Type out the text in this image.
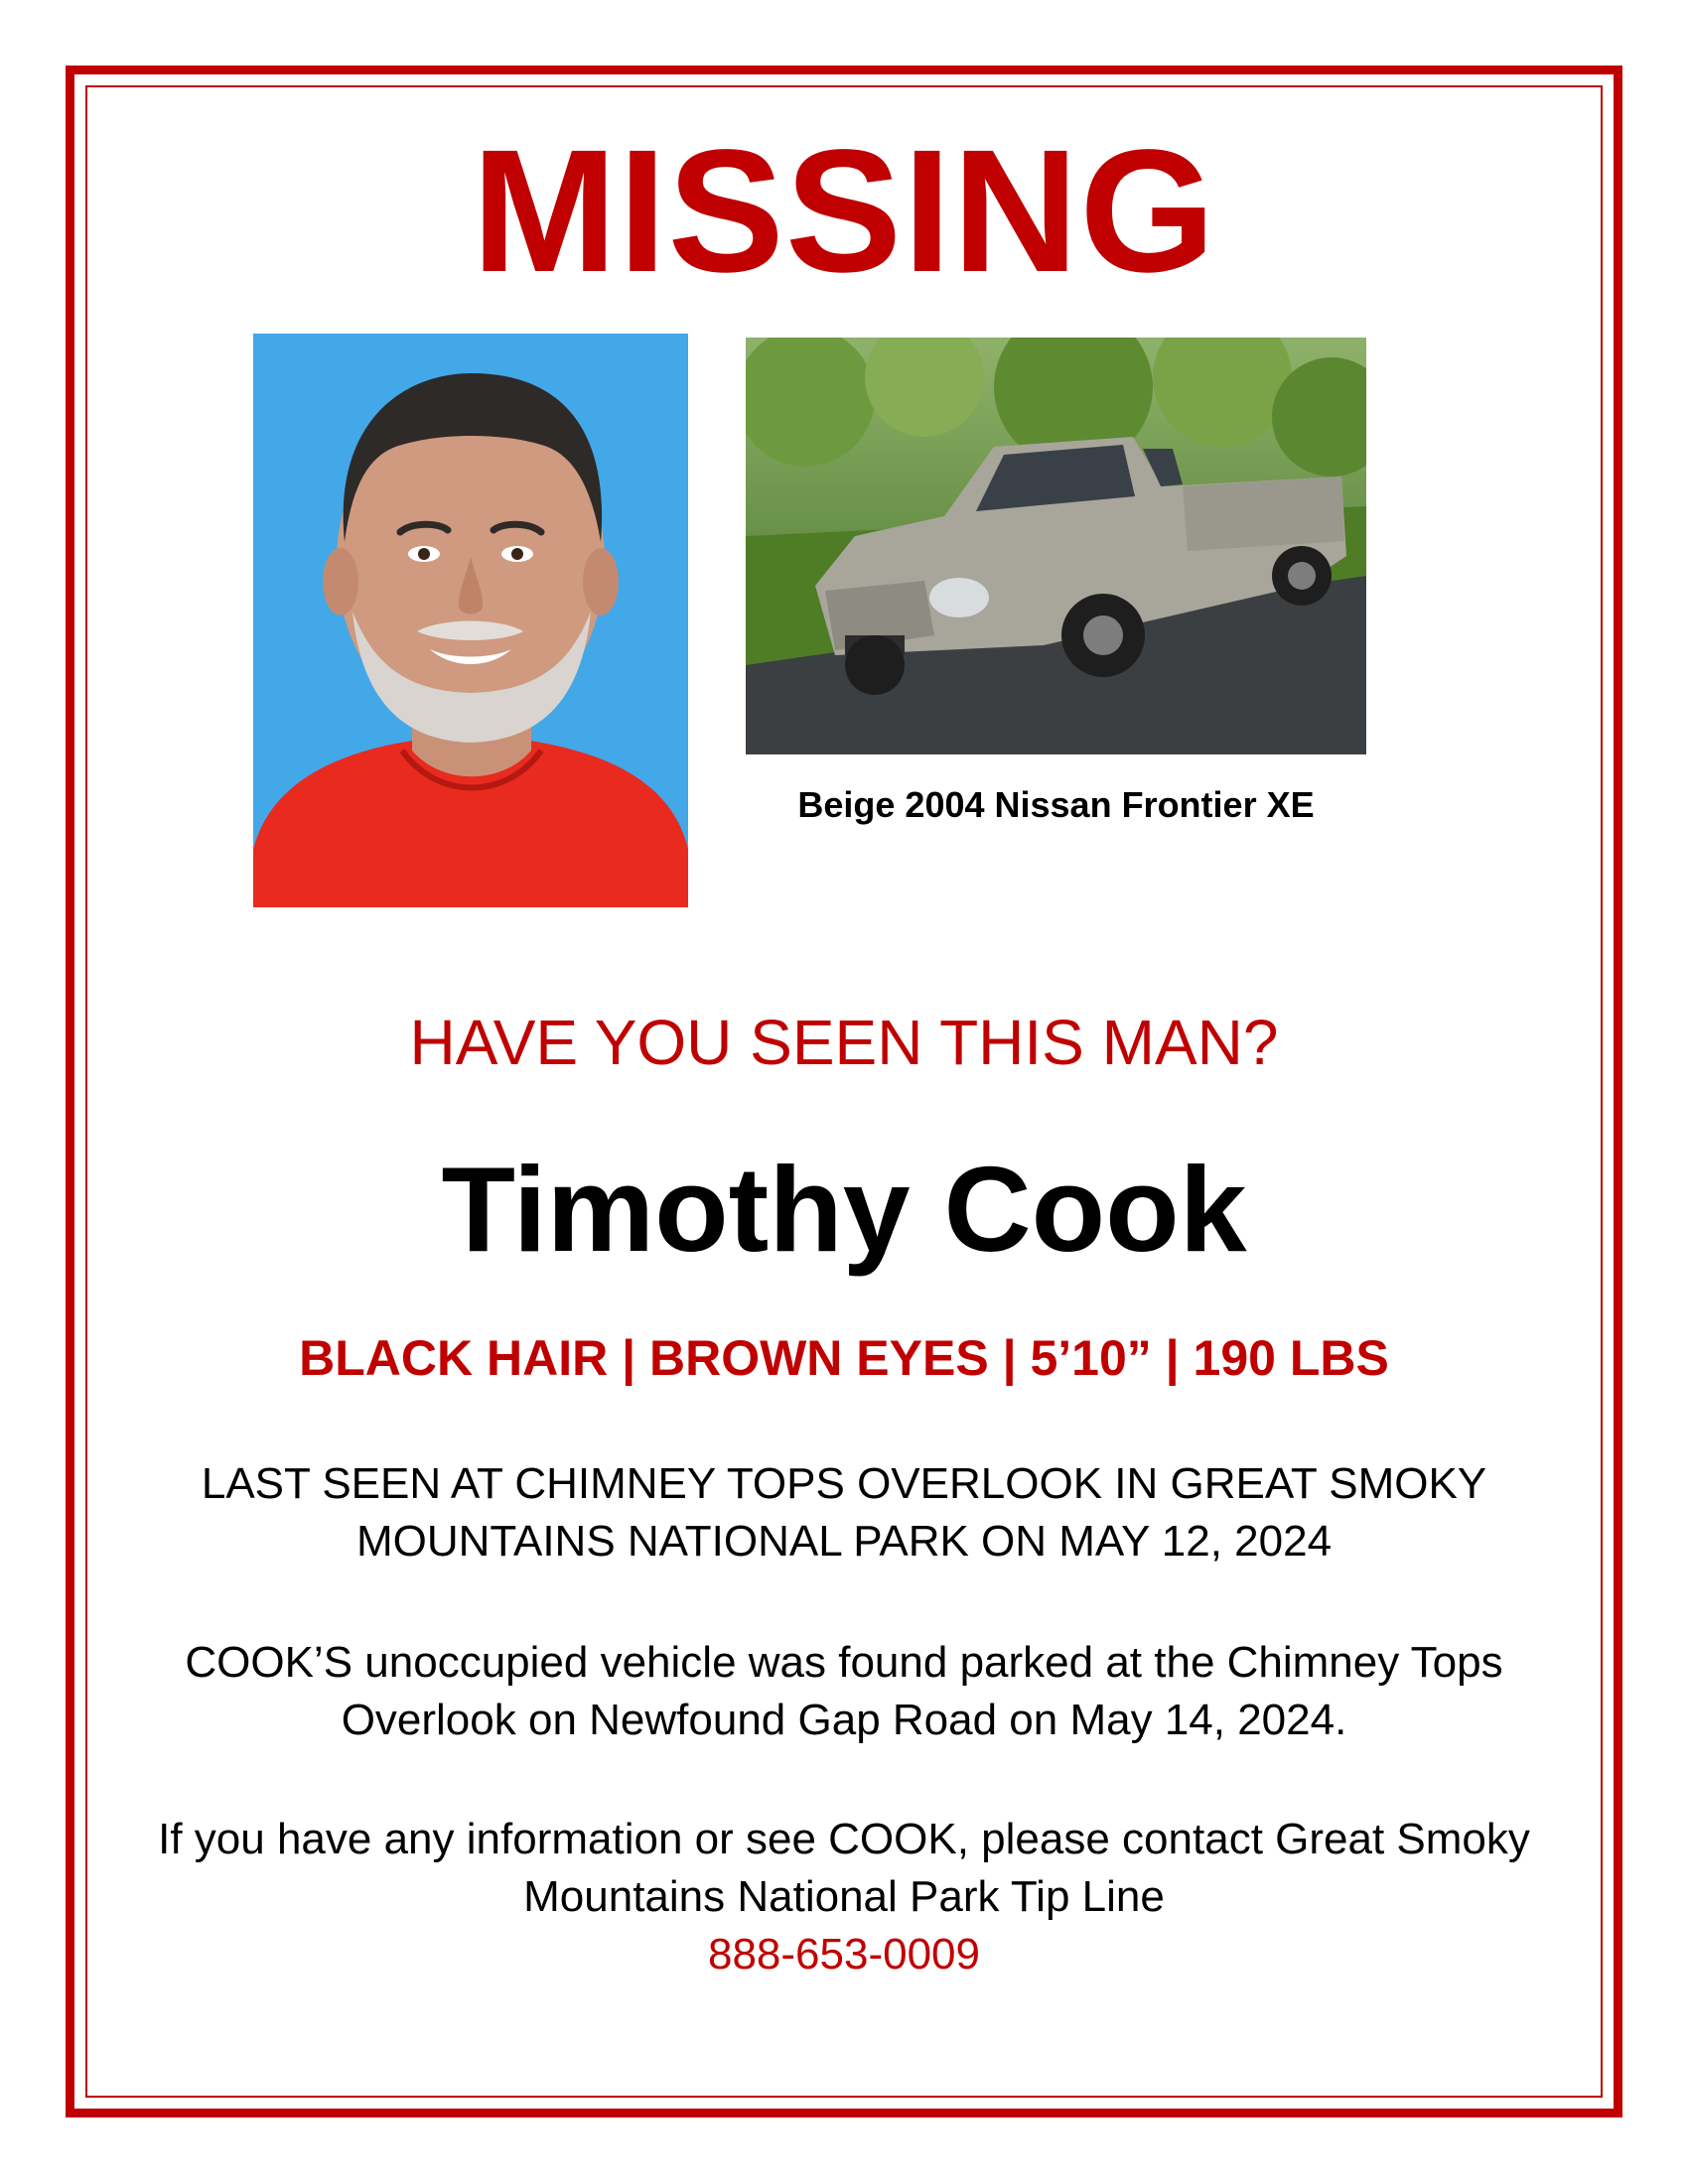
MISSING
Beige 2004 Nissan Frontier XE
HAVE YOU SEEN THIS MAN?
Timothy Cook
BLACK HAIR | BROWN EYES | 5’10” | 190 LBS
LAST SEEN AT CHIMNEY TOPS OVERLOOK IN GREAT SMOKY MOUNTAINS NATIONAL PARK ON MAY 12, 2024
COOK’S unoccupied vehicle was found parked at the Chimney Tops Overlook on Newfound Gap Road on May 14, 2024.
If you have any information or see COOK, please contact Great Smoky Mountains National Park Tip Line
888-653-0009
